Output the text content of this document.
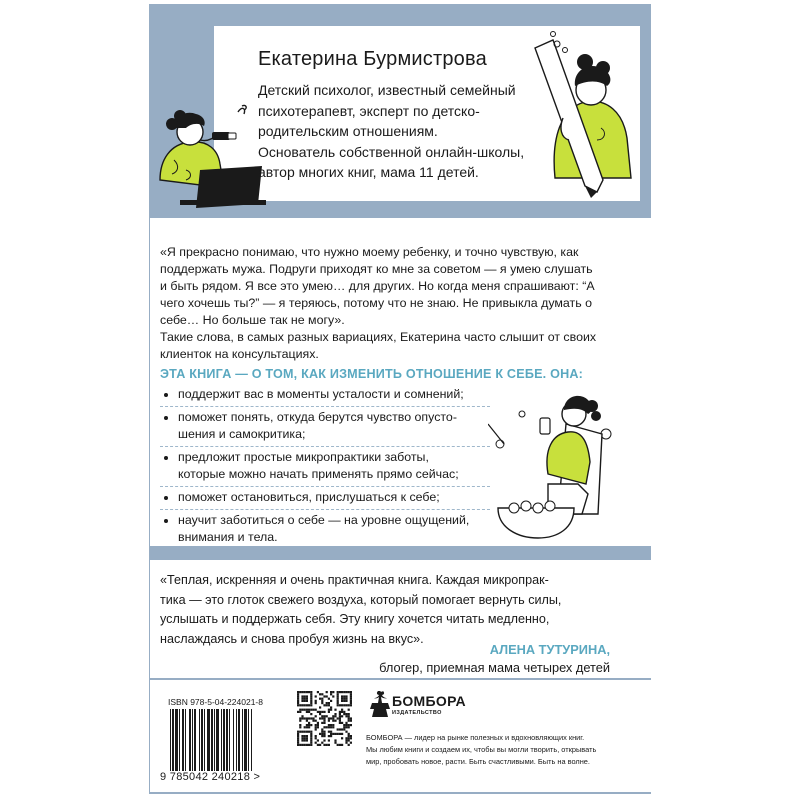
Екатерина Бурмистрова
Детский психолог, известный семейный
психотерапевт, эксперт по детско-
родительским отношениям.
Основатель собственной онлайн-школы,
автор многих книг, мама 11 детей.
«Я прекрасно понимаю, что нужно моему ребенку, и точно чувствую, как
поддержать мужа. Подруги приходят ко мне за советом — я умею слушать
и быть рядом. Я все это умею… для других. Но когда меня спрашивают: “А
чего хочешь ты?” — я теряюсь, потому что не знаю. Не привыкла думать о
себе… Но больше так не могу».
Такие слова, в самых разных вариациях, Екатерина часто слышит от своих
клиенток на консультациях.
ЭТА КНИГА — О ТОМ, КАК ИЗМЕНИТЬ ОТНОШЕНИЕ К СЕБЕ. ОНА:
поддержит вас в моменты усталости и сомнений;
поможет понять, откуда берутся чувство опусто-
шения и самокритика;
предложит простые микропрактики заботы,
которые можно начать применять прямо сейчас;
поможет остановиться, прислушаться к себе;
научит заботиться о себе — на уровне ощущений,
внимания и тела.
«Теплая, искренняя и очень практичная книга. Каждая микропрак-
тика — это глоток свежего воздуха, который помогает вернуть силы,
услышать и поддержать себя. Эту книгу хочется читать медленно,
наслаждаясь и снова пробуя жизнь на вкус».
АЛЕНА ТУТУРИНА,
блогер, приемная мама четырех детей
ISBN 978-5-04-224021-8
9 785042 240218 >
БОМБОРА
ИЗДАТЕЛЬСТВО
БОМБОРА — лидер на рынке полезных и вдохновляющих книг.
Мы любим книги и создаем их, чтобы вы могли творить, открывать
мир, пробовать новое, расти. Быть счастливыми. Быть на волне.
